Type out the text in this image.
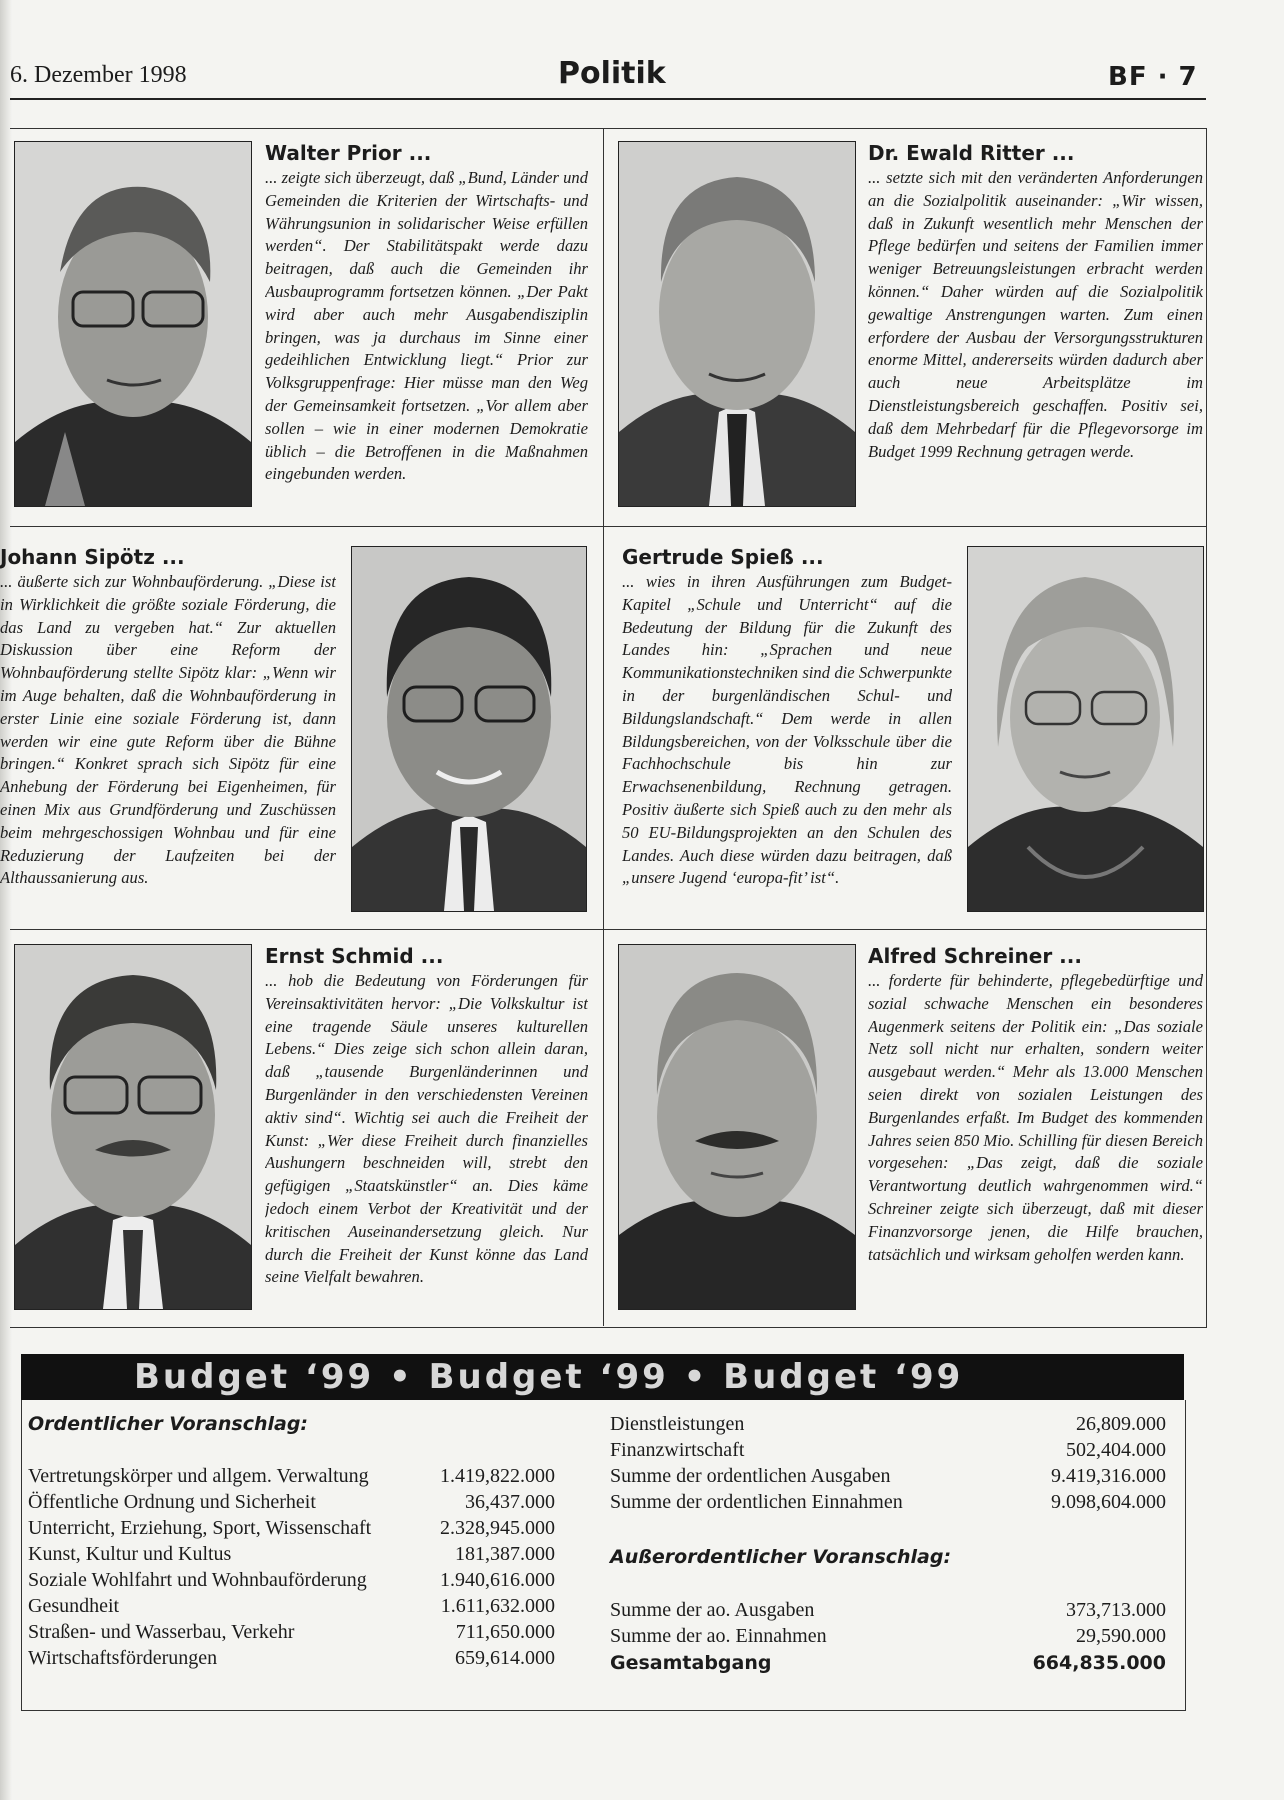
6. Dezember 1998	Politik	BF · 7
Walter Prior ...

... zeigte sich überzeugt, daß „Bund, Länder und Gemeinden die Kriterien der Wirtschafts- und Währungsunion in solidarischer Weise erfüllen werden“. Der Stabilitätspakt werde dazu beitragen, daß auch die Gemeinden ihr Ausbauprogramm fortsetzen können. „Der Pakt wird aber auch mehr Ausgabendisziplin bringen, was ja durchaus im Sinne einer gedeihlichen Entwicklung liegt.“ Prior zur Volksgruppenfrage: Hier müsse man den Weg der Gemeinsamkeit fortsetzen. „Vor allem aber sollen – wie in einer modernen Demokratie üblich – die Betroffenen in die Maßnahmen eingebunden werden.

Dr. Ewald Ritter ...

... setzte sich mit den veränderten Anforderungen an die Sozialpolitik auseinander: „Wir wissen, daß in Zukunft wesentlich mehr Menschen der Pflege bedürfen und seitens der Familien immer weniger Betreuungsleistungen erbracht werden können.“ Daher würden auf die Sozialpolitik gewaltige Anstrengungen warten. Zum einen erfordere der Ausbau der Versorgungsstrukturen enorme Mittel, andererseits würden dadurch aber auch neue Arbeitsplätze im Dienstleistungsbereich geschaffen. Positiv sei, daß dem Mehrbedarf für die Pflegevorsorge im Budget 1999 Rechnung getragen werde.

Johann Sipötz ...

... äußerte sich zur Wohnbauförderung. „Diese ist in Wirklichkeit die größte soziale Förderung, die das Land zu vergeben hat.“ Zur aktuellen Diskussion über eine Reform der Wohnbauförderung stellte Sipötz klar: „Wenn wir im Auge behalten, daß die Wohnbauförderung in erster Linie eine soziale Förderung ist, dann werden wir eine gute Reform über die Bühne bringen.“ Konkret sprach sich Sipötz für eine Anhebung der Förderung bei Eigenheimen, für einen Mix aus Grundförderung und Zuschüssen beim mehrgeschossigen Wohnbau und für eine Reduzierung der Laufzeiten bei der Althaussanierung aus.

Gertrude Spieß ...

... wies in ihren Ausführungen zum Budget-Kapitel „Schule und Unterricht“ auf die Bedeutung der Bildung für die Zukunft des Landes hin: „Sprachen und neue Kommunikationstechniken sind die Schwerpunkte in der burgenländischen Schul- und Bildungslandschaft.“ Dem werde in allen Bildungsbereichen, von der Volksschule über die Fachhochschule bis hin zur Erwachsenenbildung, Rechnung getragen. Positiv äußerte sich Spieß auch zu den mehr als 50 EU-Bildungsprojekten an den Schulen des Landes. Auch diese würden dazu beitragen, daß „unsere Jugend ‘europa-fit’ ist“.

Ernst Schmid ...

... hob die Bedeutung von Förderungen für Vereinsaktivitäten hervor: „Die Volkskultur ist eine tragende Säule unseres kulturellen Lebens.“ Dies zeige sich schon allein daran, daß „tausende Burgenländerinnen und Burgenländer in den verschiedensten Vereinen aktiv sind“. Wichtig sei auch die Freiheit der Kunst: „Wer diese Freiheit durch finanzielles Aushungern beschneiden will, strebt den gefügigen „Staatskünstler“ an. Dies käme jedoch einem Verbot der Kreativität und der kritischen Auseinandersetzung gleich. Nur durch die Freiheit der Kunst könne das Land seine Vielfalt bewahren.

Alfred Schreiner ...

... forderte für behinderte, pflegebedürftige und sozial schwache Menschen ein besonderes Augenmerk seitens der Politik ein: „Das soziale Netz soll nicht nur erhalten, sondern weiter ausgebaut werden.“ Mehr als 13.000 Menschen seien direkt von sozialen Leistungen des Burgenlandes erfaßt. Im Budget des kommenden Jahres seien 850 Mio. Schilling für diesen Bereich vorgesehen: „Das zeigt, daß die soziale Verantwortung deutlich wahrgenommen wird.“ Schreiner zeigte sich überzeugt, daß mit dieser Finanzvorsorge jenen, die Hilfe brauchen, tatsächlich und wirksam geholfen werden kann.

Budget ‘99 • Budget ‘99 • Budget ‘99
Ordentlicher Voranschlag:
Vertretungskörper und allgem. Verwaltung	1.419,822.000
Öffentliche Ordnung und Sicherheit	36,437.000
Unterricht, Erziehung, Sport, Wissenschaft	2.328,945.000
Kunst, Kultur und Kultus	181,387.000
Soziale Wohlfahrt und Wohnbauförderung	1.940,616.000
Gesundheit	1.611,632.000
Straßen- und Wasserbau, Verkehr	711,650.000
Wirtschaftsförderungen	659,614.000
Dienstleistungen	26,809.000
Finanzwirtschaft	502,404.000
Summe der ordentlichen Ausgaben	9.419,316.000
Summe der ordentlichen Einnahmen	9.098,604.000
Außerordentlicher Voranschlag:
Summe der ao. Ausgaben	373,713.000
Summe der ao. Einnahmen	29,590.000
Gesamtabgang	664,835.000
